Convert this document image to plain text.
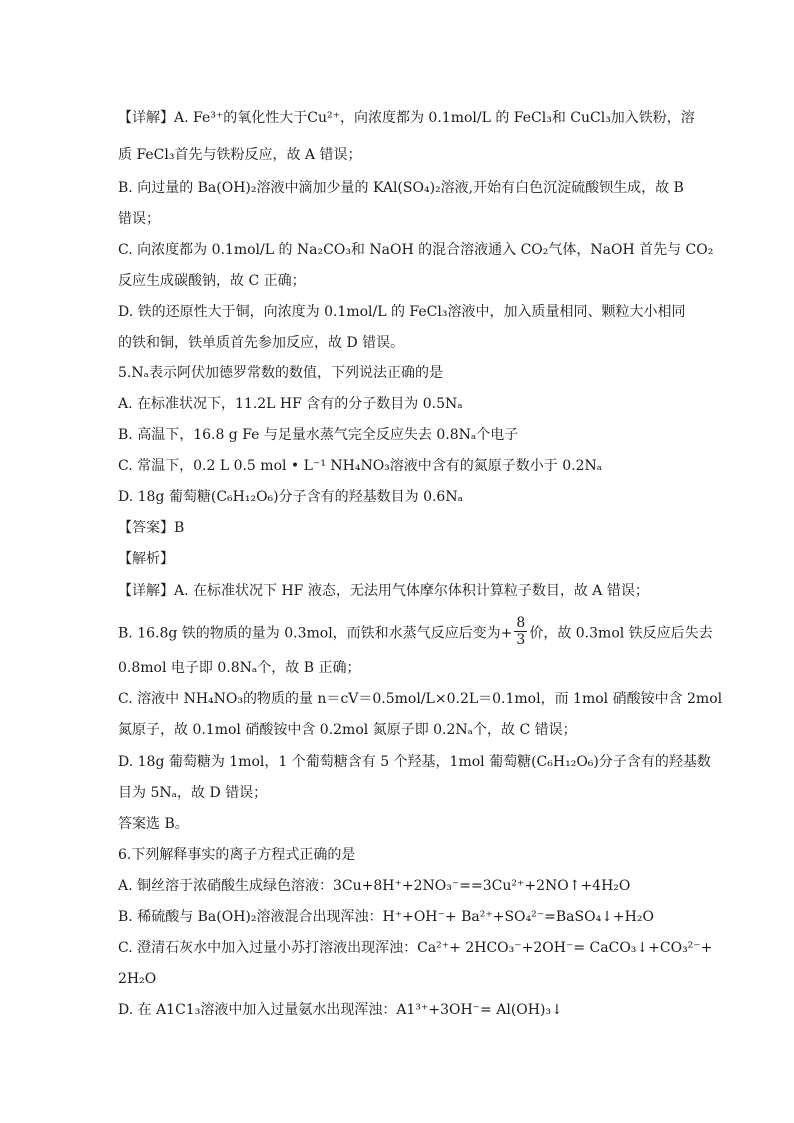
【详解】A. Fe³⁺的氧化性大于Cu²⁺，向浓度都为 0.1mol/L 的 FeCl₃和 CuCl₃加入铁粉，溶
质 FeCl₃首先与铁粉反应，故 A 错误；
B. 向过量的 Ba(OH)₂溶液中滴加少量的 KAl(SO₄)₂溶液,开始有白色沉淀硫酸钡生成，故 B
错误；
C. 向浓度都为 0.1mol/L 的 Na₂CO₃和 NaOH 的混合溶液通入 CO₂气体，NaOH 首先与 CO₂
反应生成碳酸钠，故 C 正确；
D. 铁的还原性大于铜，向浓度为 0.1mol/L 的 FeCl₃溶液中，加入质量相同、颗粒大小相同
的铁和铜，铁单质首先参加反应，故 D 错误。
5.Nₐ表示阿伏加德罗常数的数值，下列说法正确的是
A. 在标准状况下，11.2L HF 含有的分子数目为 0.5Nₐ
B. 高温下，16.8 g Fe 与足量水蒸气完全反应失去 0.8Nₐ个电子
C. 常温下，0.2 L 0.5 mol • L⁻¹ NH₄NO₃溶液中含有的氮原子数小于 0.2Nₐ
D. 18g 葡萄糖(C₆H₁₂O₆)分子含有的羟基数目为 0.6Nₐ
【答案】B
【解析】
【详解】A. 在标准状况下 HF 液态，无法用气体摩尔体积计算粒子数目，故 A 错误；
B. 16.8g 铁的物质的量为 0.3mol，而铁和水蒸气反应后变为+ $\frac{8}{3}$ 价，故 0.3mol 铁反应后失去
0.8mol 电子即 0.8Nₐ个，故 B 正确；
C. 溶液中 NH₄NO₃的物质的量 n＝cV＝0.5mol/L×0.2L＝0.1mol，而 1mol 硝酸铵中含 2mol
氮原子，故 0.1mol 硝酸铵中含 0.2mol 氮原子即 0.2Nₐ个，故 C 错误；
D. 18g 葡萄糖为 1mol，1 个葡萄糖含有 5 个羟基，1mol 葡萄糖(C₆H₁₂O₆)分子含有的羟基数
目为 5Nₐ，故 D 错误；
答案选 B。
6.下列解释事实的离子方程式正确的是
A. 铜丝溶于浓硝酸生成绿色溶液：3Cu+8H⁺+2NO₃⁻==3Cu²⁺+2NO↑+4H₂O
B. 稀硫酸与 Ba(OH)₂溶液混合出现浑浊：H⁺+OH⁻+ Ba²⁺+SO₄²⁻=BaSO₄↓+H₂O
C. 澄清石灰水中加入过量小苏打溶液出现浑浊：Ca²⁺+ 2HCO₃⁻+2OH⁻= CaCO₃↓+CO₃²⁻+
2H₂O
D. 在 A1C1₃溶液中加入过量氨水出现浑浊：A1³⁺+3OH⁻= Al(OH)₃↓
